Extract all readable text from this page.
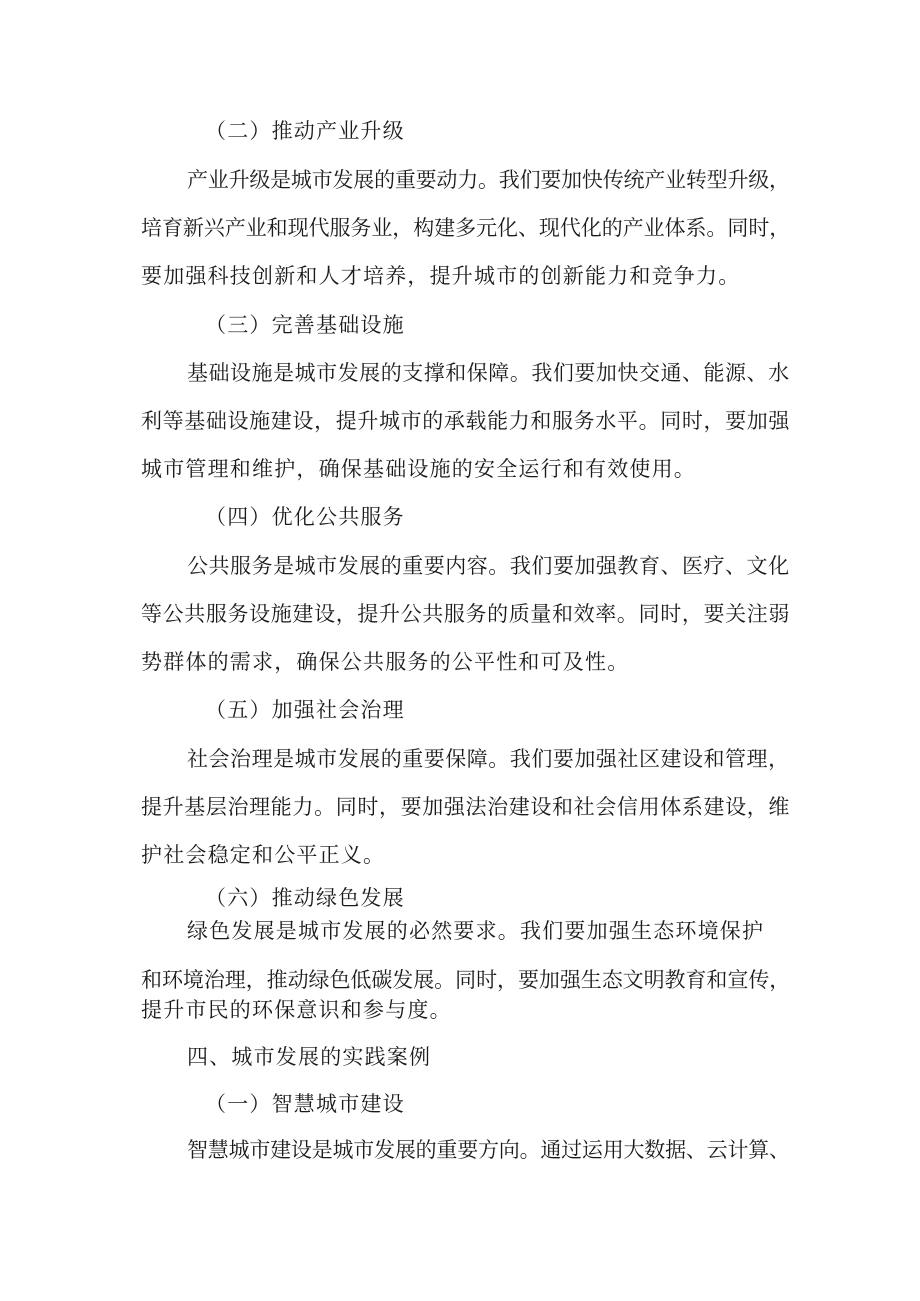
（二）推动产业升级
产业升级是城市发展的重要动力。我们要加快传统产业转型升级，
培育新兴产业和现代服务业，构建多元化、现代化的产业体系。同时，
要加强科技创新和人才培养，提升城市的创新能力和竞争力。
（三）完善基础设施
基础设施是城市发展的支撑和保障。我们要加快交通、能源、水
利等基础设施建设，提升城市的承载能力和服务水平。同时，要加强
城市管理和维护，确保基础设施的安全运行和有效使用。
（四）优化公共服务
公共服务是城市发展的重要内容。我们要加强教育、医疗、文化
等公共服务设施建设，提升公共服务的质量和效率。同时，要关注弱
势群体的需求，确保公共服务的公平性和可及性。
（五）加强社会治理
社会治理是城市发展的重要保障。我们要加强社区建设和管理，
提升基层治理能力。同时，要加强法治建设和社会信用体系建设，维
护社会稳定和公平正义。
（六）推动绿色发展
绿色发展是城市发展的必然要求。我们要加强生态环境保护
和环境治理，推动绿色低碳发展。同时，要加强生态文明教育和宣传，
提升市民的环保意识和参与度。
四、城市发展的实践案例
（一）智慧城市建设
智慧城市建设是城市发展的重要方向。通过运用大数据、云计算、
